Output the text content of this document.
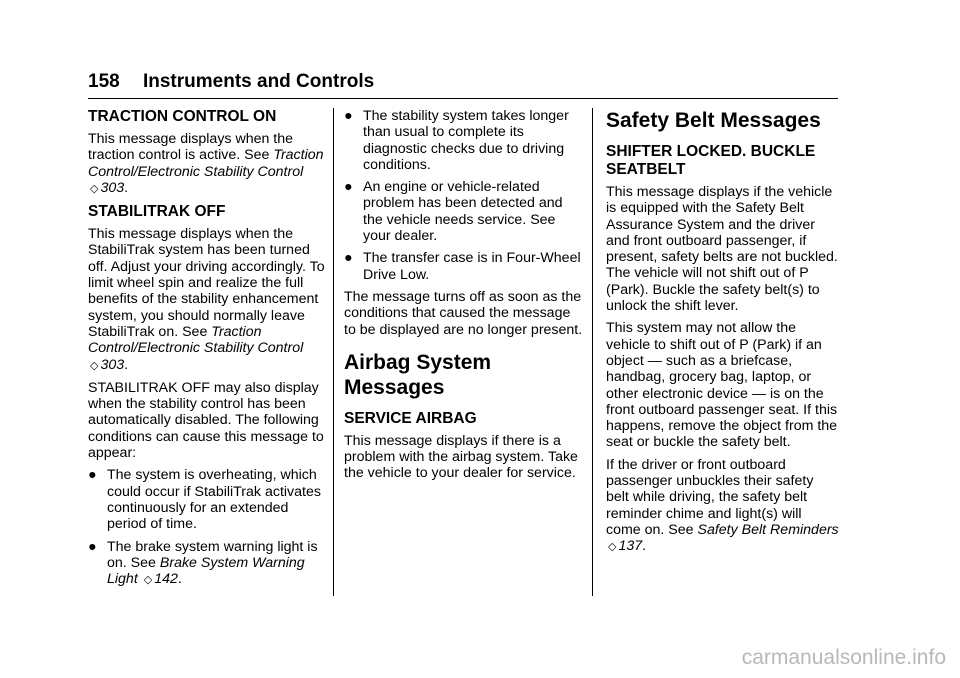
158 Instruments and Controls
TRACTION CONTROL ON

This message displays when the traction control is active. See Traction Control/Electronic Stability Control ◇ 303.

STABILITRAK OFF

This message displays when the StabiliTrak system has been turned off. Adjust your driving accordingly. To limit wheel spin and realize the full benefits of the stability enhancement system, you should normally leave StabiliTrak on. See Traction Control/Electronic Stability Control ◇ 303.

STABILITRAK OFF may also display when the stability control has been automatically disabled. The following conditions can cause this message to appear:

● The system is overheating, which could occur if StabiliTrak activates continuously for an extended period of time.
● The brake system warning light is on. See Brake System Warning Light ◇ 142.
● The stability system takes longer than usual to complete its diagnostic checks due to driving conditions.
● An engine or vehicle-related problem has been detected and the vehicle needs service. See your dealer.
● The transfer case is in Four-Wheel Drive Low.

The message turns off as soon as the conditions that caused the message to be displayed are no longer present.

Airbag System Messages
SERVICE AIRBAG

This message displays if there is a problem with the airbag system. Take the vehicle to your dealer for service.

Safety Belt Messages
SHIFTER LOCKED. BUCKLE SEATBELT

This message displays if the vehicle is equipped with the Safety Belt Assurance System and the driver and front outboard passenger, if present, safety belts are not buckled. The vehicle will not shift out of P (Park). Buckle the safety belt(s) to unlock the shift lever.

This system may not allow the vehicle to shift out of P (Park) if an object — such as a briefcase, handbag, grocery bag, laptop, or other electronic device — is on the front outboard passenger seat. If this happens, remove the object from the seat or buckle the safety belt.

If the driver or front outboard passenger unbuckles their safety belt while driving, the safety belt reminder chime and light(s) will come on. See Safety Belt Reminders ◇ 137.

carmanualsonline.info
